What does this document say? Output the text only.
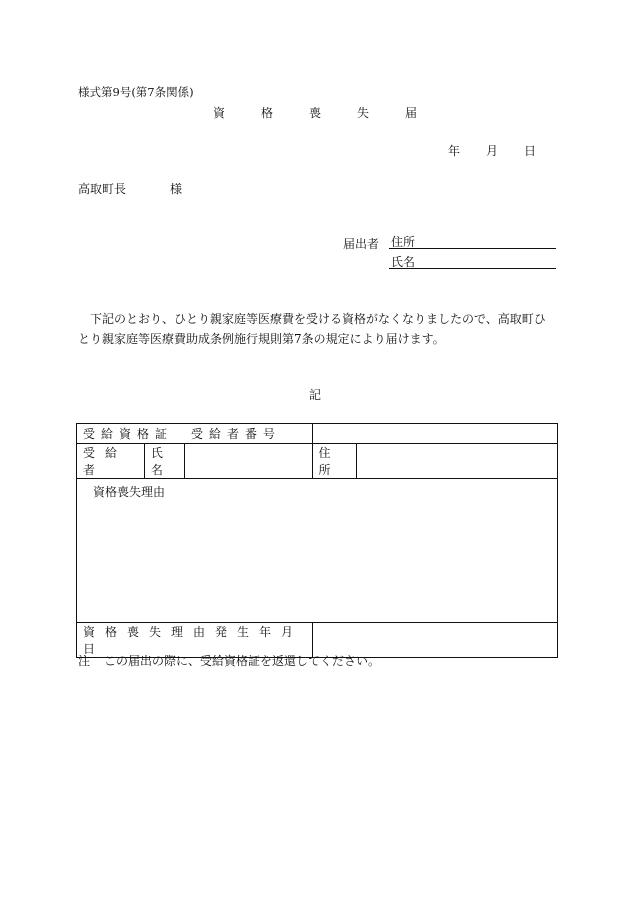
様式第9号(第7条関係)
資	格	喪	失	届
年 月 日
高取町長	様
届出者 住所
氏名
下記のとおり、ひとり親家庭等医療費を受ける資格がなくなりましたので、高取町ひとり親家庭等医療費助成条例施行規則第7条の規定により届けます。
記
受給資格証　受給者番号				
受給者	氏名		住所	
資格喪失理由				
資格喪失理由発生年月日				
注 この届出の際に、受給資格証を返還してください。
